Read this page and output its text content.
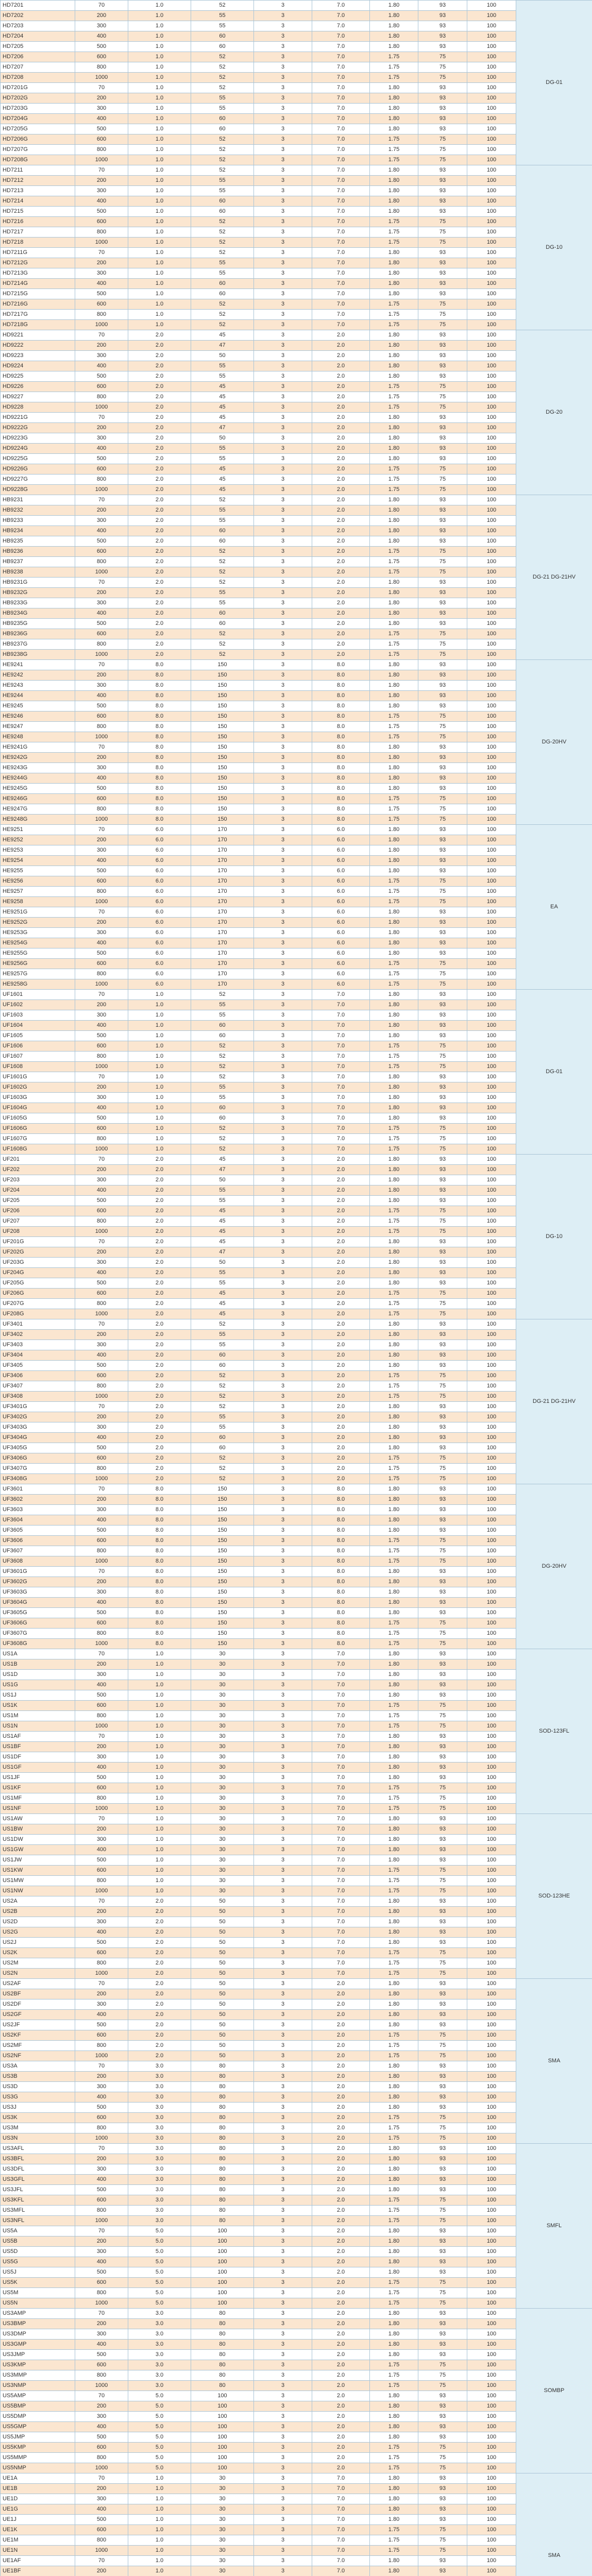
HD7201	70	1.0	52	3	7.0	1.80	93	100	DG-01
HD7202	200	1.0	55	3	7.0	1.80	93	100	
HD7203	300	1.0	55	3	7.0	1.80	93	100	
HD7204	400	1.0	60	3	7.0	1.80	93	100	
HD7205	500	1.0	60	3	7.0	1.80	93	100	
HD7206	600	1.0	52	3	7.0	1.75	75	100	
HD7207	800	1.0	52	3	7.0	1.75	75	100	
HD7208	1000	1.0	52	3	7.0	1.75	75	100	
HD7201G	70	1.0	52	3	7.0	1.80	93	100	
HD7202G	200	1.0	55	3	7.0	1.80	93	100	
HD7203G	300	1.0	55	3	7.0	1.80	93	100	
HD7204G	400	1.0	60	3	7.0	1.80	93	100	
HD7205G	500	1.0	60	3	7.0	1.80	93	100	
HD7206G	600	1.0	52	3	7.0	1.75	75	100	
HD7207G	800	1.0	52	3	7.0	1.75	75	100	
HD7208G	1000	1.0	52	3	7.0	1.75	75	100	
HD7211	70	1.0	52	3	7.0	1.80	93	100	DG-10
HD7212	200	1.0	55	3	7.0	1.80	93	100	
HD7213	300	1.0	55	3	7.0	1.80	93	100	
HD7214	400	1.0	60	3	7.0	1.80	93	100	
HD7215	500	1.0	60	3	7.0	1.80	93	100	
HD7216	600	1.0	52	3	7.0	1.75	75	100	
HD7217	800	1.0	52	3	7.0	1.75	75	100	
HD7218	1000	1.0	52	3	7.0	1.75	75	100	
HD7211G	70	1.0	52	3	7.0	1.80	93	100	
HD7212G	200	1.0	55	3	7.0	1.80	93	100	
HD7213G	300	1.0	55	3	7.0	1.80	93	100	
HD7214G	400	1.0	60	3	7.0	1.80	93	100	
HD7215G	500	1.0	60	3	7.0	1.80	93	100	
HD7216G	600	1.0	52	3	7.0	1.75	75	100	
HD7217G	800	1.0	52	3	7.0	1.75	75	100	
HD7218G	1000	1.0	52	3	7.0	1.75	75	100	
HD9221	70	2.0	45	3	2.0	1.80	93	100	DG-20
HD9222	200	2.0	47	3	2.0	1.80	93	100	
HD9223	300	2.0	50	3	2.0	1.80	93	100	
HD9224	400	2.0	55	3	2.0	1.80	93	100	
HD9225	500	2.0	55	3	2.0	1.80	93	100	
HD9226	600	2.0	45	3	2.0	1.75	75	100	
HD9227	800	2.0	45	3	2.0	1.75	75	100	
HD9228	1000	2.0	45	3	2.0	1.75	75	100	
HD9221G	70	2.0	45	3	2.0	1.80	93	100	
HD9222G	200	2.0	47	3	2.0	1.80	93	100	
HD9223G	300	2.0	50	3	2.0	1.80	93	100	
HD9224G	400	2.0	55	3	2.0	1.80	93	100	
HD9225G	500	2.0	55	3	2.0	1.80	93	100	
HD9226G	600	2.0	45	3	2.0	1.75	75	100	
HD9227G	800	2.0	45	3	2.0	1.75	75	100	
HD9228G	1000	2.0	45	3	2.0	1.75	75	100	
HB9231	70	2.0	52	3	2.0	1.80	93	100	DG-21 DG-21HV
HB9232	200	2.0	55	3	2.0	1.80	93	100	
HB9233	300	2.0	55	3	2.0	1.80	93	100	
HB9234	400	2.0	60	3	2.0	1.80	93	100	
HB9235	500	2.0	60	3	2.0	1.80	93	100	
HB9236	600	2.0	52	3	2.0	1.75	75	100	
HB9237	800	2.0	52	3	2.0	1.75	75	100	
HB9238	1000	2.0	52	3	2.0	1.75	75	100	
HB9231G	70	2.0	52	3	2.0	1.80	93	100	
HB9232G	200	2.0	55	3	2.0	1.80	93	100	
HB9233G	300	2.0	55	3	2.0	1.80	93	100	
HB9234G	400	2.0	60	3	2.0	1.80	93	100	
HB9235G	500	2.0	60	3	2.0	1.80	93	100	
HB9236G	600	2.0	52	3	2.0	1.75	75	100	
HB9237G	800	2.0	52	3	2.0	1.75	75	100	
HB9238G	1000	2.0	52	3	2.0	1.75	75	100	
HE9241	70	8.0	150	3	8.0	1.80	93	100	DG-20HV
HE9242	200	8.0	150	3	8.0	1.80	93	100	
HE9243	300	8.0	150	3	8.0	1.80	93	100	
HE9244	400	8.0	150	3	8.0	1.80	93	100	
HE9245	500	8.0	150	3	8.0	1.80	93	100	
HE9246	600	8.0	150	3	8.0	1.75	75	100	
HE9247	800	8.0	150	3	8.0	1.75	75	100	
HE9248	1000	8.0	150	3	8.0	1.75	75	100	
HE9241G	70	8.0	150	3	8.0	1.80	93	100	
HE9242G	200	8.0	150	3	8.0	1.80	93	100	
HE9243G	300	8.0	150	3	8.0	1.80	93	100	
HE9244G	400	8.0	150	3	8.0	1.80	93	100	
HE9245G	500	8.0	150	3	8.0	1.80	93	100	
HE9246G	600	8.0	150	3	8.0	1.75	75	100	
HE9247G	800	8.0	150	3	8.0	1.75	75	100	
HE9248G	1000	8.0	150	3	8.0	1.75	75	100	
HE9251	70	6.0	170	3	6.0	1.80	93	100	EA
HE9252	200	6.0	170	3	6.0	1.80	93	100	
HE9253	300	6.0	170	3	6.0	1.80	93	100	
HE9254	400	6.0	170	3	6.0	1.80	93	100	
HE9255	500	6.0	170	3	6.0	1.80	93	100	
HE9256	600	6.0	170	3	6.0	1.75	75	100	
HE9257	800	6.0	170	3	6.0	1.75	75	100	
HE9258	1000	6.0	170	3	6.0	1.75	75	100	
HE9251G	70	6.0	170	3	6.0	1.80	93	100	
HE9252G	200	6.0	170	3	6.0	1.80	93	100	
HE9253G	300	6.0	170	3	6.0	1.80	93	100	
HE9254G	400	6.0	170	3	6.0	1.80	93	100	
HE9255G	500	6.0	170	3	6.0	1.80	93	100	
HE9256G	600	6.0	170	3	6.0	1.75	75	100	
HE9257G	800	6.0	170	3	6.0	1.75	75	100	
HE9258G	1000	6.0	170	3	6.0	1.75	75	100	
UF1601	70	1.0	52	3	7.0	1.80	93	100	DG-01
UF1602	200	1.0	55	3	7.0	1.80	93	100	
UF1603	300	1.0	55	3	7.0	1.80	93	100	
UF1604	400	1.0	60	3	7.0	1.80	93	100	
UF1605	500	1.0	60	3	7.0	1.80	93	100	
UF1606	600	1.0	52	3	7.0	1.75	75	100	
UF1607	800	1.0	52	3	7.0	1.75	75	100	
UF1608	1000	1.0	52	3	7.0	1.75	75	100	
UF1601G	70	1.0	52	3	7.0	1.80	93	100	
UF1602G	200	1.0	55	3	7.0	1.80	93	100	
UF1603G	300	1.0	55	3	7.0	1.80	93	100	
UF1604G	400	1.0	60	3	7.0	1.80	93	100	
UF1605G	500	1.0	60	3	7.0	1.80	93	100	
UF1606G	600	1.0	52	3	7.0	1.75	75	100	
UF1607G	800	1.0	52	3	7.0	1.75	75	100	
UF1608G	1000	1.0	52	3	7.0	1.75	75	100	
UF201	70	2.0	45	3	2.0	1.80	93	100	DG-10
UF202	200	2.0	47	3	2.0	1.80	93	100	
UF203	300	2.0	50	3	2.0	1.80	93	100	
UF204	400	2.0	55	3	2.0	1.80	93	100	
UF205	500	2.0	55	3	2.0	1.80	93	100	
UF206	600	2.0	45	3	2.0	1.75	75	100	
UF207	800	2.0	45	3	2.0	1.75	75	100	
UF208	1000	2.0	45	3	2.0	1.75	75	100	
UF201G	70	2.0	45	3	2.0	1.80	93	100	
UF202G	200	2.0	47	3	2.0	1.80	93	100	
UF203G	300	2.0	50	3	2.0	1.80	93	100	
UF204G	400	2.0	55	3	2.0	1.80	93	100	
UF205G	500	2.0	55	3	2.0	1.80	93	100	
UF206G	600	2.0	45	3	2.0	1.75	75	100	
UF207G	800	2.0	45	3	2.0	1.75	75	100	
UF208G	1000	2.0	45	3	2.0	1.75	75	100	
UF3401	70	2.0	52	3	2.0	1.80	93	100	DG-21 DG-21HV
UF3402	200	2.0	55	3	2.0	1.80	93	100	
UF3403	300	2.0	55	3	2.0	1.80	93	100	
UF3404	400	2.0	60	3	2.0	1.80	93	100	
UF3405	500	2.0	60	3	2.0	1.80	93	100	
UF3406	600	2.0	52	3	2.0	1.75	75	100	
UF3407	800	2.0	52	3	2.0	1.75	75	100	
UF3408	1000	2.0	52	3	2.0	1.75	75	100	
UF3401G	70	2.0	52	3	2.0	1.80	93	100	
UF3402G	200	2.0	55	3	2.0	1.80	93	100	
UF3403G	300	2.0	55	3	2.0	1.80	93	100	
UF3404G	400	2.0	60	3	2.0	1.80	93	100	
UF3405G	500	2.0	60	3	2.0	1.80	93	100	
UF3406G	600	2.0	52	3	2.0	1.75	75	100	
UF3407G	800	2.0	52	3	2.0	1.75	75	100	
UF3408G	1000	2.0	52	3	2.0	1.75	75	100	
UF3601	70	8.0	150	3	8.0	1.80	93	100	DG-20HV
UF3602	200	8.0	150	3	8.0	1.80	93	100	
UF3603	300	8.0	150	3	8.0	1.80	93	100	
UF3604	400	8.0	150	3	8.0	1.80	93	100	
UF3605	500	8.0	150	3	8.0	1.80	93	100	
UF3606	600	8.0	150	3	8.0	1.75	75	100	
UF3607	800	8.0	150	3	8.0	1.75	75	100	
UF3608	1000	8.0	150	3	8.0	1.75	75	100	
UF3601G	70	8.0	150	3	8.0	1.80	93	100	
UF3602G	200	8.0	150	3	8.0	1.80	93	100	
UF3603G	300	8.0	150	3	8.0	1.80	93	100	
UF3604G	400	8.0	150	3	8.0	1.80	93	100	
UF3605G	500	8.0	150	3	8.0	1.80	93	100	
UF3606G	600	8.0	150	3	8.0	1.75	75	100	
UF3607G	800	8.0	150	3	8.0	1.75	75	100	
UF3608G	1000	8.0	150	3	8.0	1.75	75	100	
US1A	70	1.0	30	3	7.0	1.80	93	100	SOD-123FL
US1B	200	1.0	30	3	7.0	1.80	93	100	
US1D	300	1.0	30	3	7.0	1.80	93	100	
US1G	400	1.0	30	3	7.0	1.80	93	100	
US1J	500	1.0	30	3	7.0	1.80	93	100	
US1K	600	1.0	30	3	7.0	1.75	75	100	
US1M	800	1.0	30	3	7.0	1.75	75	100	
US1N	1000	1.0	30	3	7.0	1.75	75	100	
US1AF	70	1.0	30	3	7.0	1.80	93	100	
US1BF	200	1.0	30	3	7.0	1.80	93	100	
US1DF	300	1.0	30	3	7.0	1.80	93	100	
US1GF	400	1.0	30	3	7.0	1.80	93	100	
US1JF	500	1.0	30	3	7.0	1.80	93	100	
US1KF	600	1.0	30	3	7.0	1.75	75	100	
US1MF	800	1.0	30	3	7.0	1.75	75	100	
US1NF	1000	1.0	30	3	7.0	1.75	75	100	
US1AW	70	1.0	30	3	7.0	1.80	93	100	SOD-123HE
US1BW	200	1.0	30	3	7.0	1.80	93	100	
US1DW	300	1.0	30	3	7.0	1.80	93	100	
US1GW	400	1.0	30	3	7.0	1.80	93	100	
US1JW	500	1.0	30	3	7.0	1.80	93	100	
US1KW	600	1.0	30	3	7.0	1.75	75	100	
US1MW	800	1.0	30	3	7.0	1.75	75	100	
US1NW	1000	1.0	30	3	7.0	1.75	75	100	
US2A	70	2.0	50	3	7.0	1.80	93	100	
US2B	200	2.0	50	3	7.0	1.80	93	100	
US2D	300	2.0	50	3	7.0	1.80	93	100	
US2G	400	2.0	50	3	7.0	1.80	93	100	
US2J	500	2.0	50	3	7.0	1.80	93	100	
US2K	600	2.0	50	3	7.0	1.75	75	100	
US2M	800	2.0	50	3	7.0	1.75	75	100	
US2N	1000	2.0	50	3	7.0	1.75	75	100	
US2AF	70	2.0	50	3	2.0	1.80	93	100	SMA
US2BF	200	2.0	50	3	2.0	1.80	93	100	
US2DF	300	2.0	50	3	2.0	1.80	93	100	
US2GF	400	2.0	50	3	2.0	1.80	93	100	
US2JF	500	2.0	50	3	2.0	1.80	93	100	
US2KF	600	2.0	50	3	2.0	1.75	75	100	
US2MF	800	2.0	50	3	2.0	1.75	75	100	
US2NF	1000	2.0	50	3	2.0	1.75	75	100	
US3A	70	3.0	80	3	2.0	1.80	93	100	
US3B	200	3.0	80	3	2.0	1.80	93	100	
US3D	300	3.0	80	3	2.0	1.80	93	100	
US3G	400	3.0	80	3	2.0	1.80	93	100	
US3J	500	3.0	80	3	2.0	1.80	93	100	
US3K	600	3.0	80	3	2.0	1.75	75	100	
US3M	800	3.0	80	3	2.0	1.75	75	100	
US3N	1000	3.0	80	3	2.0	1.75	75	100	
US3AFL	70	3.0	80	3	2.0	1.80	93	100	SMFL
US3BFL	200	3.0	80	3	2.0	1.80	93	100	
US3DFL	300	3.0	80	3	2.0	1.80	93	100	
US3GFL	400	3.0	80	3	2.0	1.80	93	100	
US3JFL	500	3.0	80	3	2.0	1.80	93	100	
US3KFL	600	3.0	80	3	2.0	1.75	75	100	
US3MFL	800	3.0	80	3	2.0	1.75	75	100	
US3NFL	1000	3.0	80	3	2.0	1.75	75	100	
US5A	70	5.0	100	3	2.0	1.80	93	100	
US5B	200	5.0	100	3	2.0	1.80	93	100	
US5D	300	5.0	100	3	2.0	1.80	93	100	
US5G	400	5.0	100	3	2.0	1.80	93	100	
US5J	500	5.0	100	3	2.0	1.80	93	100	
US5K	600	5.0	100	3	2.0	1.75	75	100	
US5M	800	5.0	100	3	2.0	1.75	75	100	
US5N	1000	5.0	100	3	2.0	1.75	75	100	
US3AMP	70	3.0	80	3	2.0	1.80	93	100	SOMBP
US3BMP	200	3.0	80	3	2.0	1.80	93	100	
US3DMP	300	3.0	80	3	2.0	1.80	93	100	
US3GMP	400	3.0	80	3	2.0	1.80	93	100	
US3JMP	500	3.0	80	3	2.0	1.80	93	100	
US3KMP	600	3.0	80	3	2.0	1.75	75	100	
US3MMP	800	3.0	80	3	2.0	1.75	75	100	
US3NMP	1000	3.0	80	3	2.0	1.75	75	100	
US5AMP	70	5.0	100	3	2.0	1.80	93	100	
US5BMP	200	5.0	100	3	2.0	1.80	93	100	
US5DMP	300	5.0	100	3	2.0	1.80	93	100	
US5GMP	400	5.0	100	3	2.0	1.80	93	100	
US5JMP	500	5.0	100	3	2.0	1.80	93	100	
US5KMP	600	5.0	100	3	2.0	1.75	75	100	
US5MMP	800	5.0	100	3	2.0	1.75	75	100	
US5NMP	1000	5.0	100	3	2.0	1.75	75	100	
UE1A	70	1.0	30	3	7.0	1.80	93	100	SMA
UE1B	200	1.0	30	3	7.0	1.80	93	100	
UE1D	300	1.0	30	3	7.0	1.80	93	100	
UE1G	400	1.0	30	3	7.0	1.80	93	100	
UE1J	500	1.0	30	3	7.0	1.80	93	100	
UE1K	600	1.0	30	3	7.0	1.75	75	100	
UE1M	800	1.0	30	3	7.0	1.75	75	100	
UE1N	1000	1.0	30	3	7.0	1.75	75	100	
UE1AF	70	1.0	30	3	7.0	1.80	93	100	
UE1BF	200	1.0	30	3	7.0	1.80	93	100	
